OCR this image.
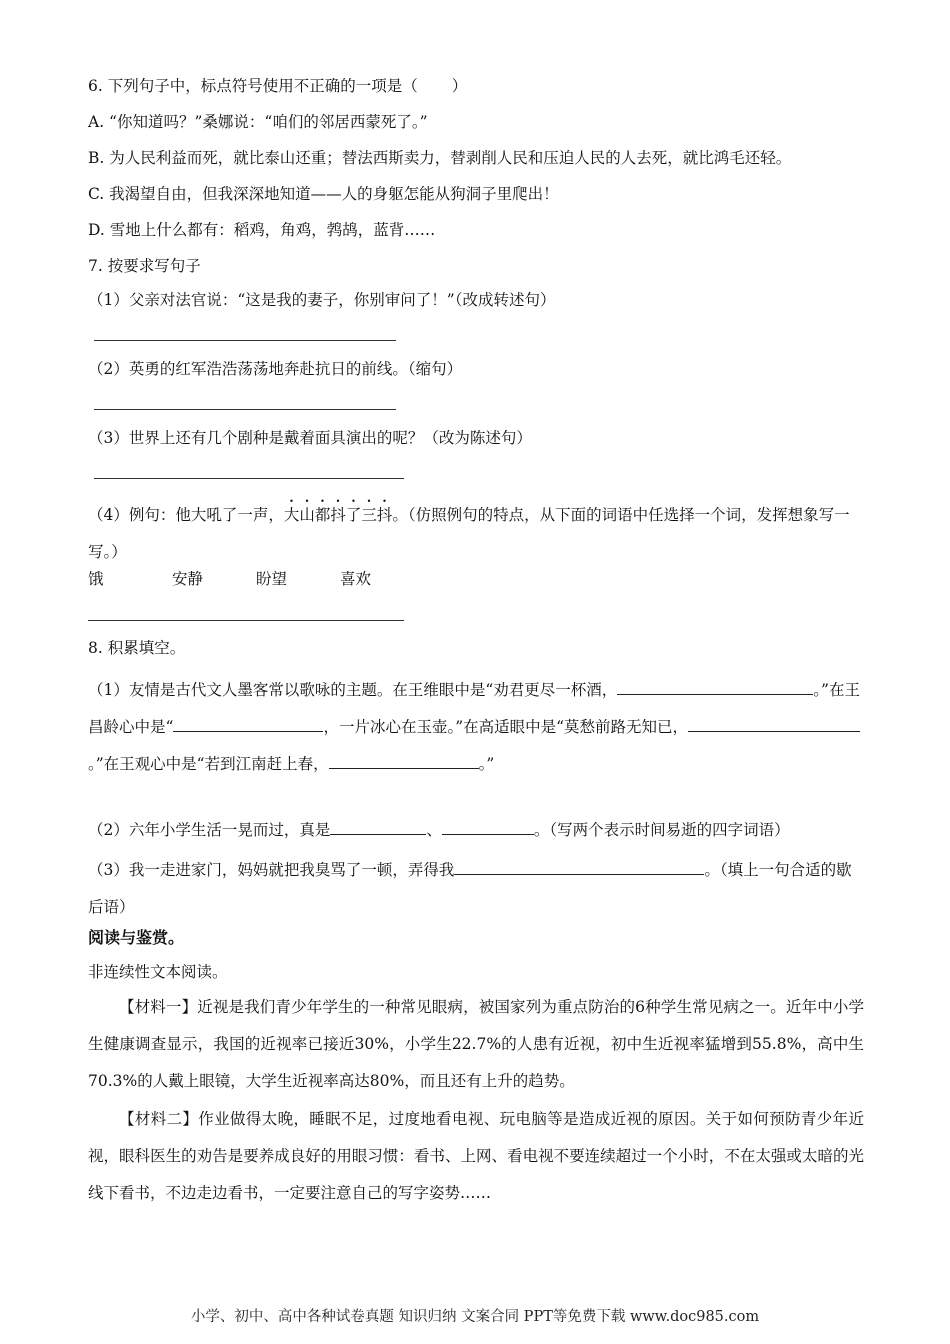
6. 下列句子中，标点符号使用不正确的一项是（ ）
A. “你知道吗？”桑娜说：“咱们的邻居西蒙死了。”
B. 为人民利益而死，就比泰山还重；替法西斯卖力，替剥削人民和压迫人民的人去死，就比鸿毛还轻。
C. 我渴望自由，但我深深地知道——人的身躯怎能从狗洞子里爬出！
D. 雪地上什么都有：稻鸡，角鸡，鹁鸪，蓝背……
7. 按要求写句子
（1）父亲对法官说：“这是我的妻子，你别审问了！”（改成转述句）
（2）英勇的红军浩浩荡荡地奔赴抗日的前线。（缩句）
（3）世界上还有几个剧种是戴着面具演出的呢？（改为陈述句）
（4）例句：他大吼了一声，大山都抖了三抖。（仿照例句的特点，从下面的词语中任选择一个词，发挥想象写一写。）
饿	安静	盼望	喜欢
8. 积累填空。
（1）友情是古代文人墨客常以歌咏的主题。在王维眼中是“劝君更尽一杯酒，	。”在王昌龄心中是“	，一片冰心在玉壶。”在高适眼中是“莫愁前路无知已，。”在王观心中是“若到江南赶上春，	。”
（2）六年小学生活一晃而过，真是	、	。（写两个表示时间易逝的四字词语）
（3）我一走进家门，妈妈就把我臭骂了一顿，弄得我	。（填上一句合适的歇后语）
阅读与鉴赏。
非连续性文本阅读。
【材料一】近视是我们青少年学生的一种常见眼病，被国家列为重点防治的6种学生常见病之一。近年中小学生健康调查显示，我国的近视率已接近30%，小学生22.7%的人患有近视，初中生近视率猛增到55.8%，高中生70.3%的人戴上眼镜，大学生近视率高达80%，而且还有上升的趋势。
【材料二】作业做得太晚，睡眠不足，过度地看电视、玩电脑等是造成近视的原因。关于如何预防青少年近视，眼科医生的劝告是要养成良好的用眼习惯：看书、上网、看电视不要连续超过一个小时，不在太强或太暗的光线下看书，不边走边看书，一定要注意自己的写字姿势……
小学、初中、高中各种试卷真题 知识归纳 文案合同 PPT等免费下载 www.doc985.com
